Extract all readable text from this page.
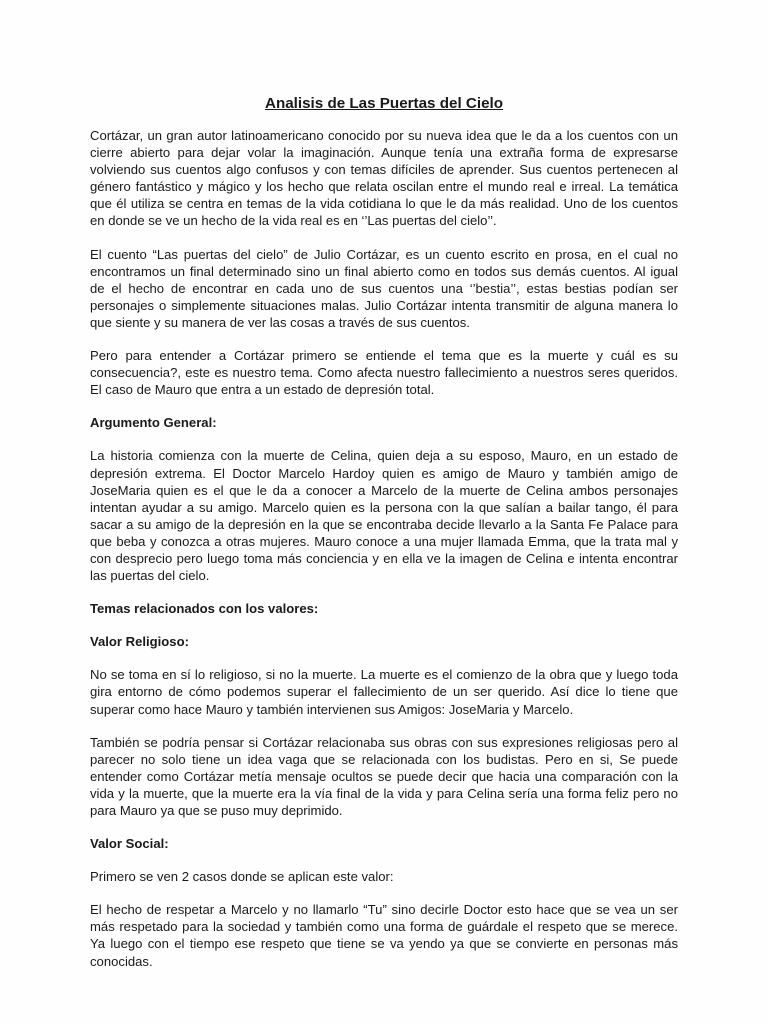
Analisis de Las Puertas del Cielo

Cortázar, un gran autor latinoamericano conocido por su nueva idea que le da a los cuentos con un cierre abierto para dejar volar la imaginación. Aunque tenía una extraña forma de expresarse volviendo sus cuentos algo confusos y con temas difíciles de aprender. Sus cuentos pertenecen al género fantástico y mágico y los hecho que relata oscilan entre el mundo real e irreal. La temática que él utiliza se centra en temas de la vida cotidiana lo que le da más realidad. Uno de los cuentos en donde se ve un hecho de la vida real es en ‘’Las puertas del cielo’’.

El cuento “Las puertas del cielo” de Julio Cortázar, es un cuento escrito en prosa, en el cual no encontramos un final determinado sino un final abierto como en todos sus demás cuentos. Al igual de el hecho de encontrar en cada uno de sus cuentos una ‘’bestia’’, estas bestias podían ser personajes o simplemente situaciones malas. Julio Cortázar intenta transmitir de alguna manera lo que siente y su manera de ver las cosas a través de sus cuentos.

Pero para entender a Cortázar primero se entiende el tema que es la muerte y cuál es su consecuencia?, este es nuestro tema. Como afecta nuestro fallecimiento a nuestros seres queridos. El caso de Mauro que entra a un estado de depresión total.

Argumento General:

La historia comienza con la muerte de Celina, quien deja a su esposo, Mauro, en un estado de depresión extrema. El Doctor Marcelo Hardoy quien es amigo de Mauro y también amigo de JoseMaria quien es el que le da a conocer a Marcelo de la muerte de Celina ambos personajes intentan ayudar a su amigo. Marcelo quien es la persona con la que salían a bailar tango, él para sacar a su amigo de la depresión en la que se encontraba decide llevarlo a la Santa Fe Palace para que beba y conozca a otras mujeres. Mauro conoce a una mujer llamada Emma, que la trata mal y con desprecio pero luego toma más conciencia y en ella ve la imagen de Celina e intenta encontrar las puertas del cielo.

Temas relacionados con los valores:
Valor Religioso:

No se toma en sí lo religioso, si no la muerte. La muerte es el comienzo de la obra que y luego toda gira entorno de cómo podemos superar el fallecimiento de un ser querido. Así dice lo tiene que superar como hace Mauro y también intervienen sus Amigos: JoseMaria y Marcelo.

También se podría pensar si Cortázar relacionaba sus obras con sus expresiones religiosas pero al parecer no solo tiene un idea vaga que se relacionada con los budistas. Pero en si, Se puede entender como Cortázar metía mensaje ocultos se puede decir que hacia una comparación con la vida y la muerte, que la muerte era la vía final de la vida y para Celina sería una forma feliz pero no para Mauro ya que se puso muy deprimido.

Valor Social:

Primero se ven 2 casos donde se aplican este valor:

El hecho de respetar a Marcelo y no llamarlo “Tu” sino decirle Doctor esto hace que se vea un ser más respetado para la sociedad y también como una forma de guárdale el respeto que se merece. Ya luego con el tiempo ese respeto que tiene se va yendo ya que se convierte en personas más conocidas.
